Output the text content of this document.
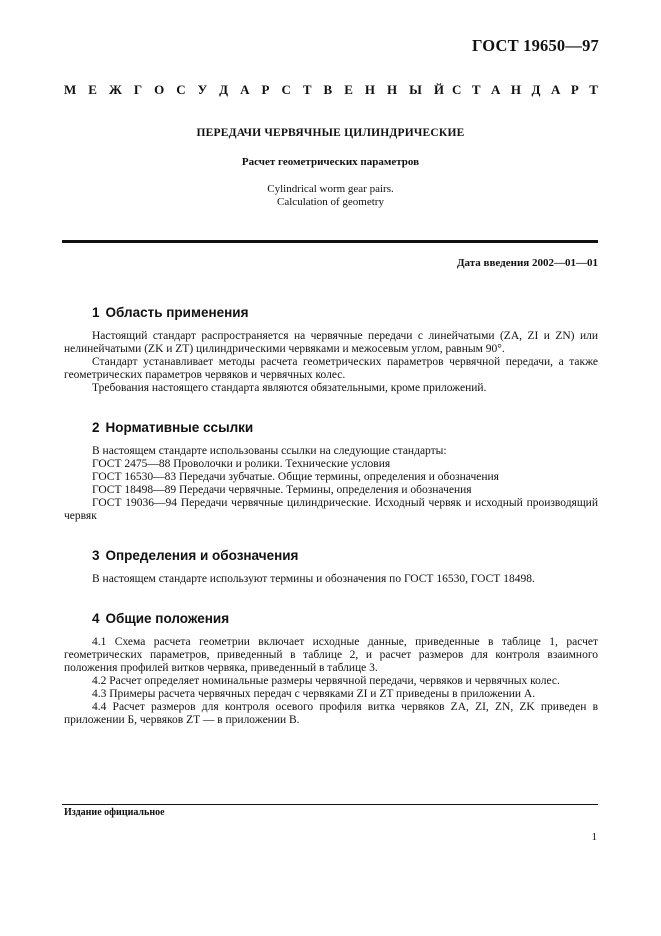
ГОСТ 19650—97
М Е Ж Г О С У Д А Р С Т В Е Н Н Ы Й С Т А Н Д А Р Т
ПЕРЕДАЧИ ЧЕРВЯЧНЫЕ ЦИЛИНДРИЧЕСКИЕ
Расчет геометрических параметров
Cylindrical worm gear pairs.
Calculation of geometry
Дата введения 2002—01—01
1 Область применения

Настоящий стандарт распространяется на червячные передачи с линейчатыми (ZA, ZI и ZN) или нелинейчатыми (ZK и ZT) цилиндрическими червяками и межосевым углом, равным 90°.

Стандарт устанавливает методы расчета геометрических параметров червячной передачи, а также геометрических параметров червяков и червячных колес.

Требования настоящего стандарта являются обязательными, кроме приложений.

2 Нормативные ссылки
В настоящем стандарте использованы ссылки на следующие стандарты:
ГОСТ 2475—88 Проволочки и ролики. Технические условия
ГОСТ 16530—83 Передачи зубчатые. Общие термины, определения и обозначения
ГОСТ 18498—89 Передачи червячные. Термины, определения и обозначения
ГОСТ 19036—94 Передачи червячные цилиндрические. Исходный червяк и исходный производящий червяк
3 Определения и обозначения

В настоящем стандарте используют термины и обозначения по ГОСТ 16530, ГОСТ 18498.

4 Общие положения

4.1 Схема расчета геометрии включает исходные данные, приведенные в таблице 1, расчет геометрических параметров, приведенный в таблице 2, и расчет размеров для контроля взаимного положения профилей витков червяка, приведенный в таблице 3.

4.2 Расчет определяет номинальные размеры червячной передачи, червяков и червячных колес.

4.3 Примеры расчета червячных передач с червяками ZI и ZT приведены в приложении А.

4.4 Расчет размеров для контроля осевого профиля витка червяков ZA, ZI, ZN, ZK приведен в приложении Б, червяков ZT — в приложении В.

Издание официальное
1
